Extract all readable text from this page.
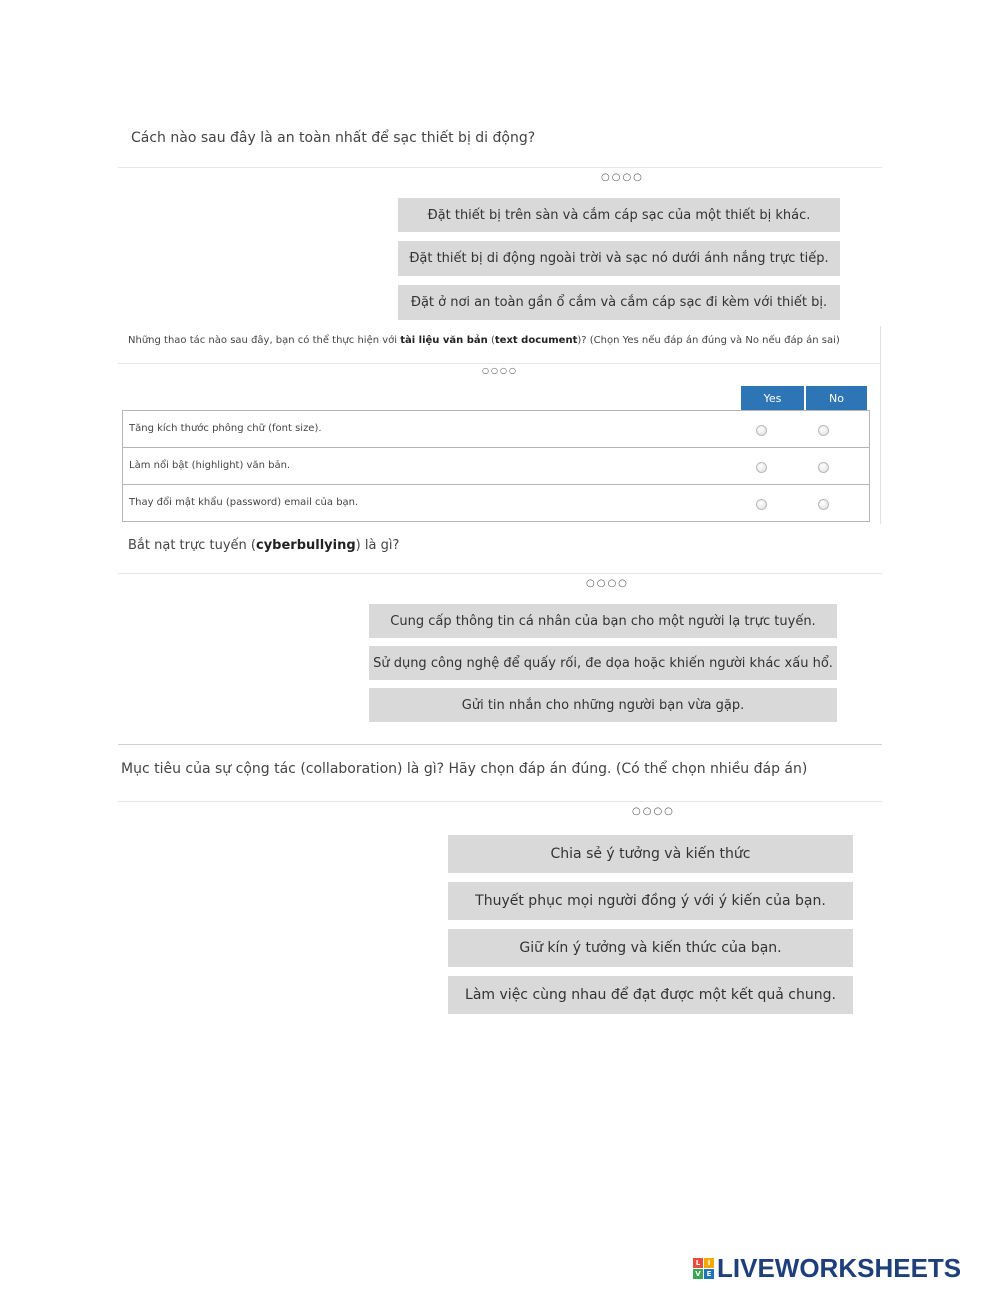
Cách nào sau đây là an toàn nhất để sạc thiết bị di động?
○○○○
Đặt thiết bị trên sàn và cắm cáp sạc của một thiết bị khác.
Đặt thiết bị di động ngoài trời và sạc nó dưới ánh nắng trực tiếp.
Đặt ở nơi an toàn gần ổ cắm và cắm cáp sạc đi kèm với thiết bị.
Những thao tác nào sau đây, bạn có thể thực hiện với tài liệu văn bản (text document)? (Chọn Yes nếu đáp án đúng và No nếu đáp án sai)
○○○○
Yes	No
Tăng kích thước phông chữ (font size).
Làm nổi bật (highlight) văn bản.
Thay đổi mật khẩu (password) email của bạn.
Bắt nạt trực tuyến (cyberbullying) là gì?
○○○○
Cung cấp thông tin cá nhân của bạn cho một người lạ trực tuyến.
Sử dụng công nghệ để quấy rối, đe dọa hoặc khiến người khác xấu hổ.
Gửi tin nhắn cho những người bạn vừa gặp.
Mục tiêu của sự cộng tác (collaboration) là gì? Hãy chọn đáp án đúng. (Có thể chọn nhiều đáp án)
○○○○
Chia sẻ ý tưởng và kiến thức
Thuyết phục mọi người đồng ý với ý kiến của bạn.
Giữ kín ý tưởng và kiến thức của bạn.
Làm việc cùng nhau để đạt được một kết quả chung.
L	I
V E LIVEWORKSHEETS
